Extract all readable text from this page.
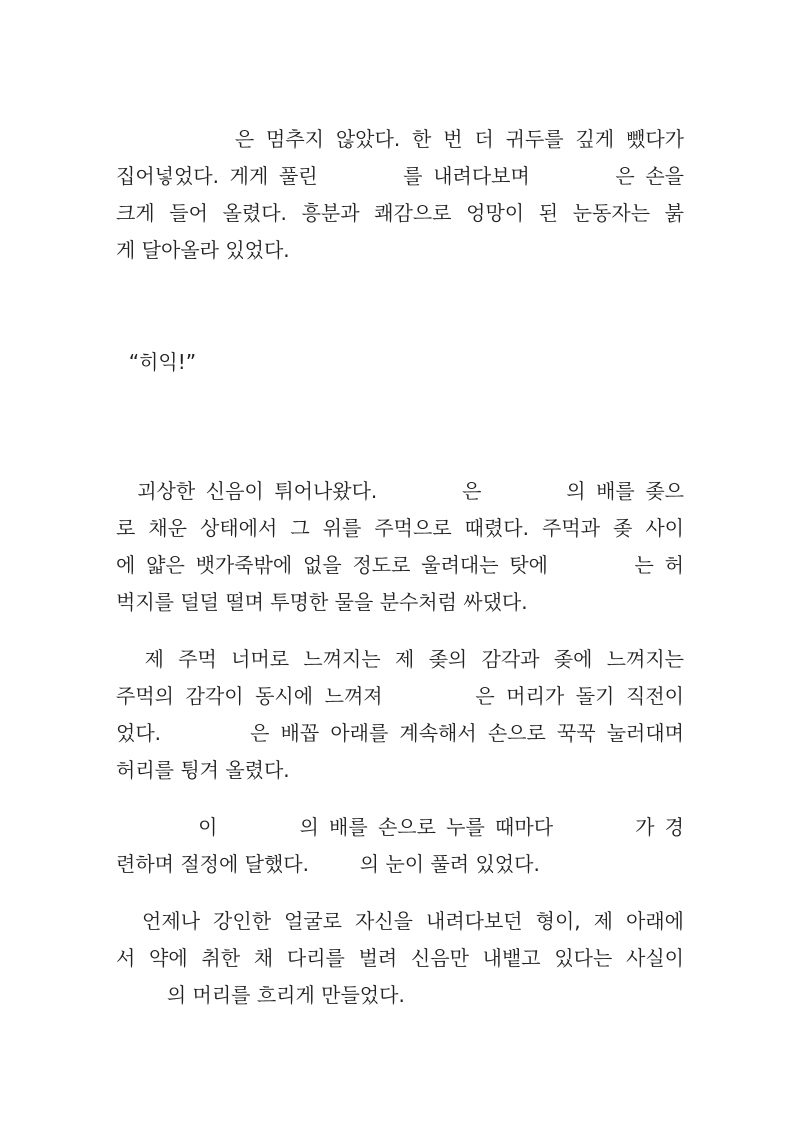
은 멈추지 않았다. 한 번 더 귀두를 깊게 뺐다가
집어넣었다. 게게 풀린        를 내려다보며        은 손을
크게 들어 올렸다. 흥분과 쾌감으로 엉망이 된 눈동자는 붉
게 달아올라 있었다.
“히익!”
괴상한 신음이 튀어나왔다.        은        의 배를 좆으
로 채운 상태에서 그 위를 주먹으로 때렸다. 주먹과 좆 사이
에 얇은 뱃가죽밖에 없을 정도로 울려대는 탓에        는 허
벅지를 덜덜 떨며 투명한 물을 분수처럼 싸댔다.
제 주먹 너머로 느껴지는 제 좆의 감각과 좆에 느껴지는
주먹의 감각이 동시에 느껴져        은 머리가 돌기 직전이
었다.        은 배꼽 아래를 계속해서 손으로 꾹꾹 눌러대며
허리를 튕겨 올렸다.
이        의 배를 손으로 누를 때마다        가 경
련하며 절정에 달했다.        의 눈이 풀려 있었다.
언제나 강인한 얼굴로 자신을 내려다보던 형이, 제 아래에
서 약에 취한 채 다리를 벌려 신음만 내뱉고 있다는 사실이
의 머리를 흐리게 만들었다.
